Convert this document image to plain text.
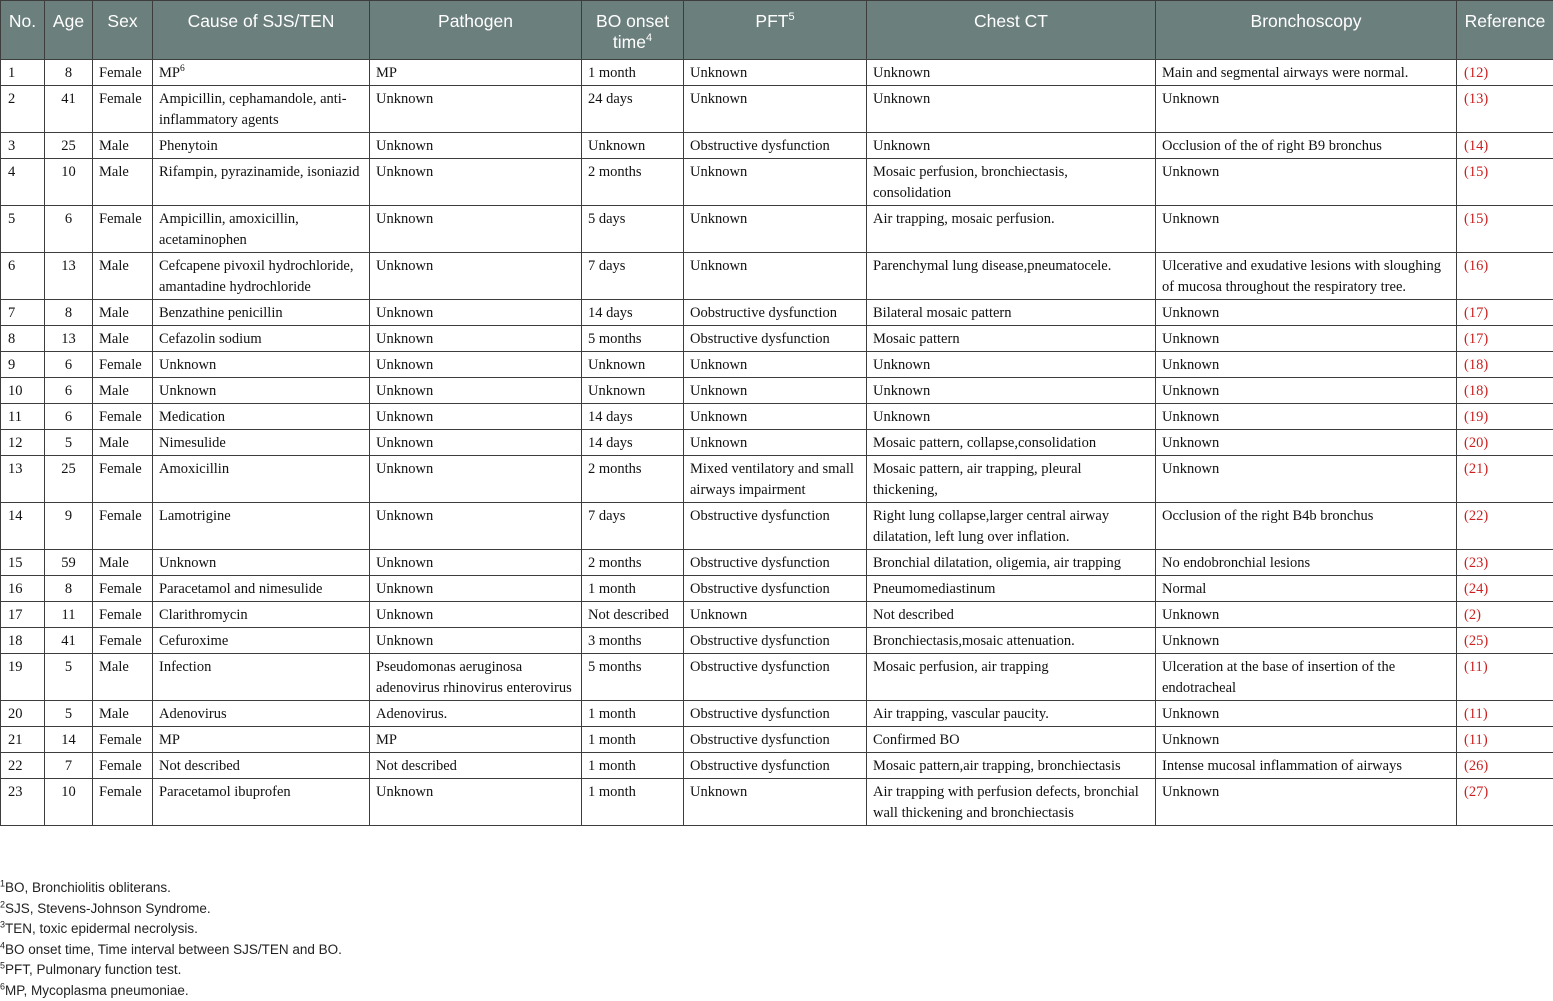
No.	Age	Sex	Cause of SJS/TEN	Pathogen	BO onset time$^4$	PFT$^5$	Chest CT	Bronchoscopy	Reference
1	8	Female	$MP^6$	MP	1 month	Unknown	Unknown	Main and segmental airways were normal.	(12)
2	41	Female	Ampicillin, cephamandole, anti-inflammatory agents	Unknown	24 days	Unknown	Unknown	Unknown	(13)
3	25	Male	Phenytoin	Unknown	Unknown	Obstructive dysfunction	Unknown	Occlusion of the of right B9 bronchus	(14)
4	10	Male	Rifampin, pyrazinamide, isoniazid	Unknown	2 months	Unknown	Mosaic perfusion, bronchiectasis, consolidation	Unknown	(15)
5	6	Female	Ampicillin, amoxicillin, acetaminophen	Unknown	5 days	Unknown	Air trapping, mosaic perfusion.	Unknown	(15)
6	13	Male	Cefcapene pivoxil hydrochloride, amantadine hydrochloride	Unknown	7 days	Unknown	Parenchymal lung disease,pneumatocele.	Ulcerative and exudative lesions with sloughing of mucosa throughout the respiratory tree.	(16)
7	8	Male	Benzathine penicillin	Unknown	14 days	Oobstructive dysfunction	Bilateral mosaic pattern	Unknown	(17)
8	13	Male	Cefazolin sodium	Unknown	5 months	Obstructive dysfunction	Mosaic pattern	Unknown	(17)
9	6	Female	Unknown	Unknown	Unknown	Unknown	Unknown	Unknown	(18)
10	6	Male	Unknown	Unknown	Unknown	Unknown	Unknown	Unknown	(18)
11	6	Female	Medication	Unknown	14 days	Unknown	Unknown	Unknown	(19)
12	5	Male	Nimesulide	Unknown	14 days	Unknown	Mosaic pattern, collapse,consolidation	Unknown	(20)
13	25	Female	Amoxicillin	Unknown	2 months	Mixed ventilatory and small airways impairment	Mosaic pattern, air trapping, pleural thickening,	Unknown	(21)
14	9	Female	Lamotrigine	Unknown	7 days	Obstructive dysfunction	Right lung collapse,larger central airway dilatation, left lung over inflation.	Occlusion of the right B4b bronchus	(22)
15	59	Male	Unknown	Unknown	2 months	Obstructive dysfunction	Bronchial dilatation, oligemia, air trapping	No endobronchial lesions	(23)
16	8	Female	Paracetamol and nimesulide	Unknown	1 month	Obstructive dysfunction	Pneumomediastinum	Normal	(24)
17	11	Female	Clarithromycin	Unknown	Not described	Unknown	Not described	Unknown	(2)
18	41	Female	Cefuroxime	Unknown	3 months	Obstructive dysfunction	Bronchiectasis,mosaic attenuation.	Unknown	(25)
19	5	Male	Infection	Pseudomonas aeruginosa adenovirus rhinovirus enterovirus	5 months	Obstructive dysfunction	Mosaic perfusion, air trapping	Ulceration at the base of insertion of the endotracheal	(11)
20	5	Male	Adenovirus	Adenovirus.	1 month	Obstructive dysfunction	Air trapping, vascular paucity.	Unknown	(11)
21	14	Female	MP	MP	1 month	Obstructive dysfunction	Confirmed BO	Unknown	(11)
22	7	Female	Not described	Not described	1 month	Obstructive dysfunction	Mosaic pattern,air trapping, bronchiectasis	Intense mucosal inflammation of airways	(26)
23	10	Female	Paracetamol ibuprofen	Unknown	1 month	Unknown	Air trapping with perfusion defects, bronchial wall thickening and bronchiectasis	Unknown	(27)
$^1$BO, Bronchiolitis obliterans.
$^2$SJS, Stevens-Johnson Syndrome.
$^3$TEN, toxic epidermal necrolysis.
$^4$BO onset time, Time interval between SJS/TEN and BO.
$^5$PFT, Pulmonary function test.
$^6$MP, Mycoplasma pneumoniae.
